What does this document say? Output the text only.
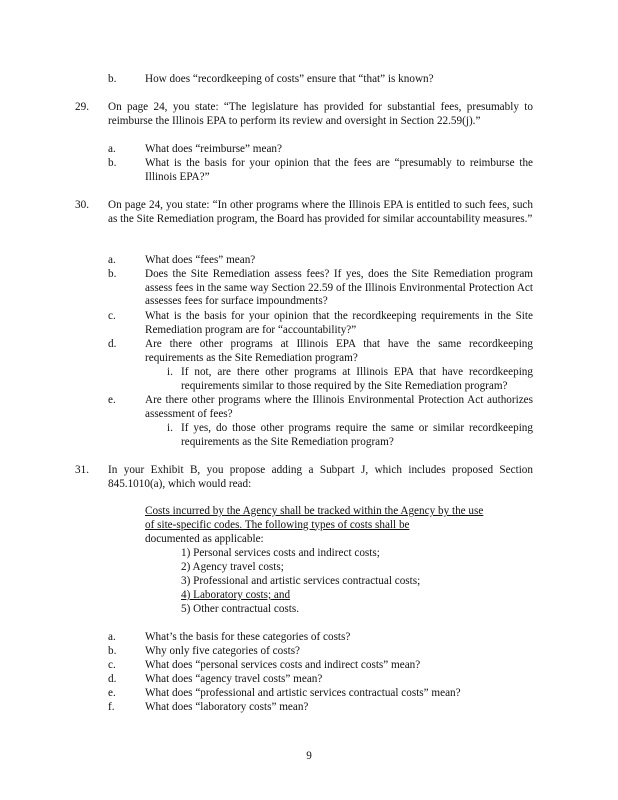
b.	How does “recordkeeping of costs” ensure that “that” is known?
29. On page 24, you state: “The legislature has provided for substantial fees, presumably to reimburse the Illinois EPA to perform its review and oversight in Section 22.59(j).”
a.	What does “reimburse” mean?
b.	What is the basis for your opinion that the fees are “presumably to reimburse the Illinois EPA?”
30. On page 24, you state: “In other programs where the Illinois EPA is entitled to such fees, such as the Site Remediation program, the Board has provided for similar accountability measures.”
a.	What does “fees” mean?
b.	Does the Site Remediation assess fees? If yes, does the Site Remediation program assess fees in the same way Section 22.59 of the Illinois Environmental Protection Act assesses fees for surface impoundments?
c.	What is the basis for your opinion that the recordkeeping requirements in the Site Remediation program are for “accountability?”
d.	Are there other programs at Illinois EPA that have the same recordkeeping requirements as the Site Remediation program?
i. If not, are there other programs at Illinois EPA that have recordkeeping requirements similar to those required by the Site Remediation program?
e.	Are there other programs where the Illinois Environmental Protection Act authorizes assessment of fees?
i. If yes, do those other programs require the same or similar recordkeeping requirements as the Site Remediation program?
31. In your Exhibit B, you propose adding a Subpart J, which includes proposed Section 845.1010(a), which would read:
Costs incurred by the Agency shall be tracked within the Agency by the use of site-specific codes. The following types of costs shall be
documented as applicable:
1) Personal services costs and indirect costs;
2) Agency travel costs;
3) Professional and artistic services contractual costs;
4) Laboratory costs; and
5) Other contractual costs.
a.	What’s the basis for these categories of costs?
b.	Why only five categories of costs?
c.	What does “personal services costs and indirect costs” mean?
d.	What does “agency travel costs” mean?
e.	What does “professional and artistic services contractual costs” mean?
f.	What does “laboratory costs” mean?
9
